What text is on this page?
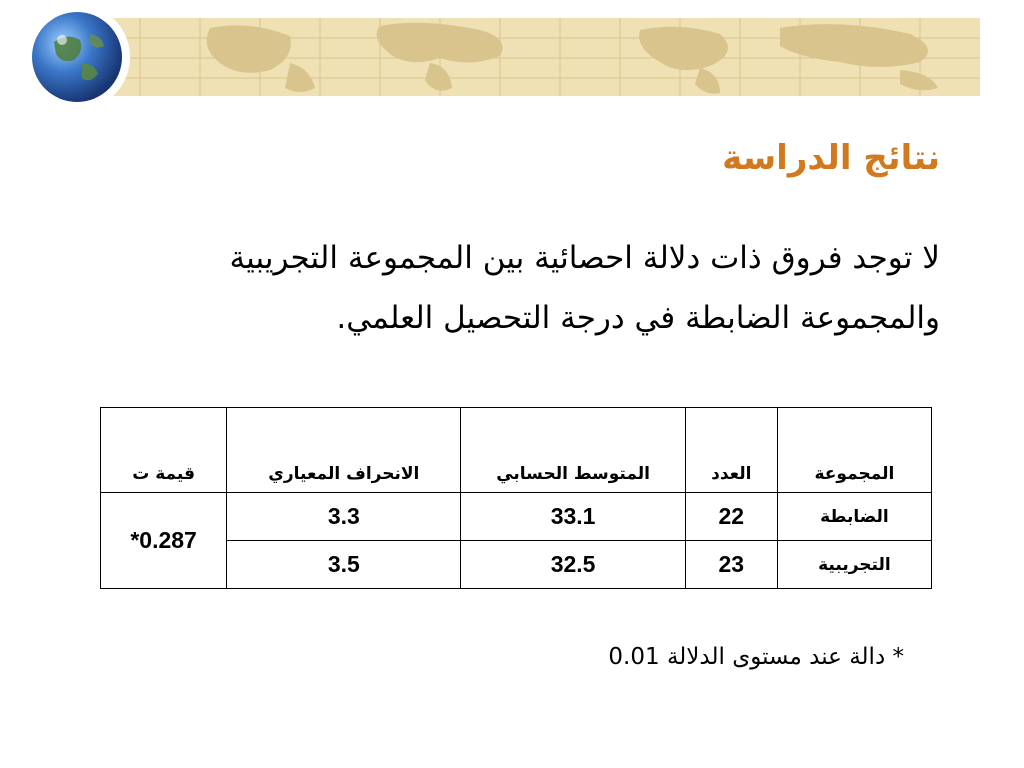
نتائج الدراسة
لا توجد فروق ذات دلالة احصائية بين المجموعة التجريبية والمجموعة الضابطة في درجة التحصيل العلمي.
المجموعة	العدد	المتوسط الحسابي	الانحراف المعياري	قيمة ت
الضابطة	22	33.1	3.3	0.287*
التجريبية	23	32.5	3.5	
* دالة عند مستوى الدلالة 0.01
